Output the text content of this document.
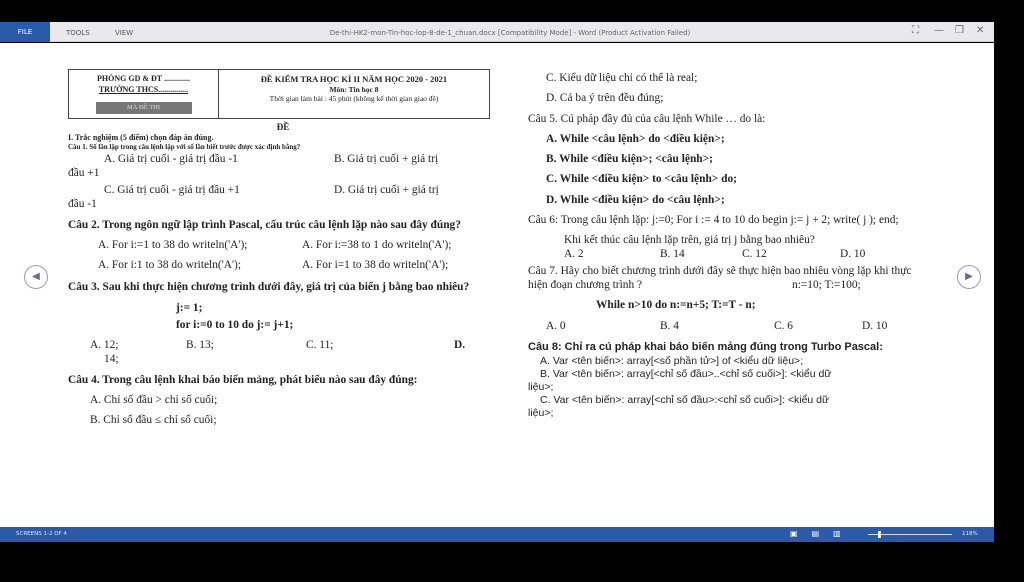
FILE	TOOLS	VIEW	De-thi-HK2-mon-Tin-hoc-lop-8-de-1_chuan.docx [Compatibility Mode] - Word (Product Activation Failed)	⛶ — ❐ ✕
◀	▶
PHÒNG GD & ĐT .............
TRƯỜNG THCS...............
MÃ ĐỀ THI
ĐỀ KIỂM TRA HỌC KÌ II NĂM HỌC 2020 - 2021
Môn: Tin học 8
Thời gian làm bài : 45 phút (không kể thời gian giao đề)
ĐỀ
I. Trắc nghiệm (5 điểm) chọn đáp án đúng.
Câu 1. Số lần lặp trong câu lệnh lặp với số lần biết trước được xác định bằng?
A. Giá trị cuối - giá trị đầu -1	B. Giá trị cuối + giá trị
đầu +1
C. Giá trị cuối - giá trị đầu +1	D. Giá trị cuối + giá trị
đầu -1
Câu 2. Trong ngôn ngữ lập trình Pascal, cấu trúc câu lệnh lặp nào sau đây đúng?
A. For i:=1 to 38 do writeln('A');	A. For i:=38 to 1 do writeln('A');
A. For i:1 to 38 do writeln('A');	A. For i=1 to 38 do writeln('A');
Câu 3. Sau khi thực hiện chương trình dưới đây, giá trị của biến j bằng bao nhiêu?
j:= 1;
for i:=0 to 10 do j:= j+1;
A. 12;	B. 13;	C. 11;	D.
14;
Câu 4. Trong câu lệnh khai báo biến mảng, phát biểu nào sau đây đúng:
A. Chỉ số đầu > chỉ số cuối;
B. Chỉ số đầu ≤ chỉ số cuối;
C. Kiểu dữ liệu chỉ có thể là real;
D. Cả ba ý trên đều đúng;
Câu 5. Cú pháp đầy đủ của câu lệnh While … do là:
A. While <câu lệnh> do <điều kiện>;
B. While <điều kiện>; <câu lệnh>;
C. While <điều kiện> to <câu lệnh> do;
D. While <điều kiện> do <câu lệnh>;
Câu 6: Trong câu lệnh lặp: j:=0; For i := 4 to 10 do begin j:= j + 2; write( j ); end;
Khi kết thúc câu lệnh lặp trên, giá trị j bằng bao nhiêu?
A. 2	B. 14	C. 12	D. 10
Câu 7. Hãy cho biết chương trình dưới đây sẽ thực hiện bao nhiêu vòng lặp khi thực hiện đoạn chương trình ?	n:=10; T:=100;
While n>10 do n:=n+5; T:=T - n;
A. 0	B. 4	C. 6	D. 10
Câu 8: Chỉ ra cú pháp khai báo biến mảng đúng trong Turbo Pascal:
A. Var <tên biến>: array[<số phần tử>] of <kiểu dữ liệu>;
B. Var <tên biến>: array[<chỉ số đầu>..<chỉ số cuối>]: <kiểu dữ
liệu>;
C. Var <tên biến>: array[<chỉ số đầu>:<chỉ số cuối>]: <kiểu dữ
liệu>;
SCREENS 1-2 OF 4	▣ ▤ ▥	118%
